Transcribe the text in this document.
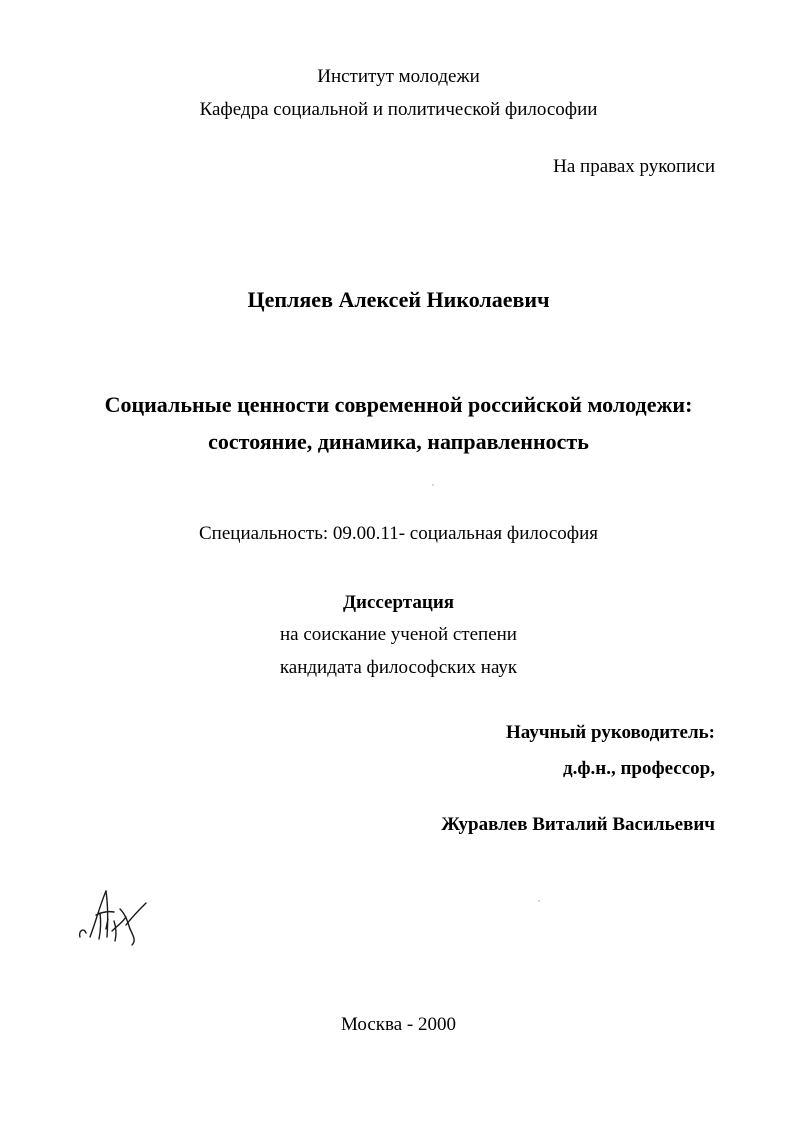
Институт молодежи
Кафедра социальной и политической философии
На правах рукописи
Цепляев Алексей Николаевич
Социальные ценности современной российской молодежи:
состояние, динамика, направленность
Специальность: 09.00.11- социальная философия
Диссертация
на соискание ученой степени
кандидата философских наук
Научный руководитель:
д.ф.н., профессор,
Журавлев Виталий Васильевич
Москва - 2000
